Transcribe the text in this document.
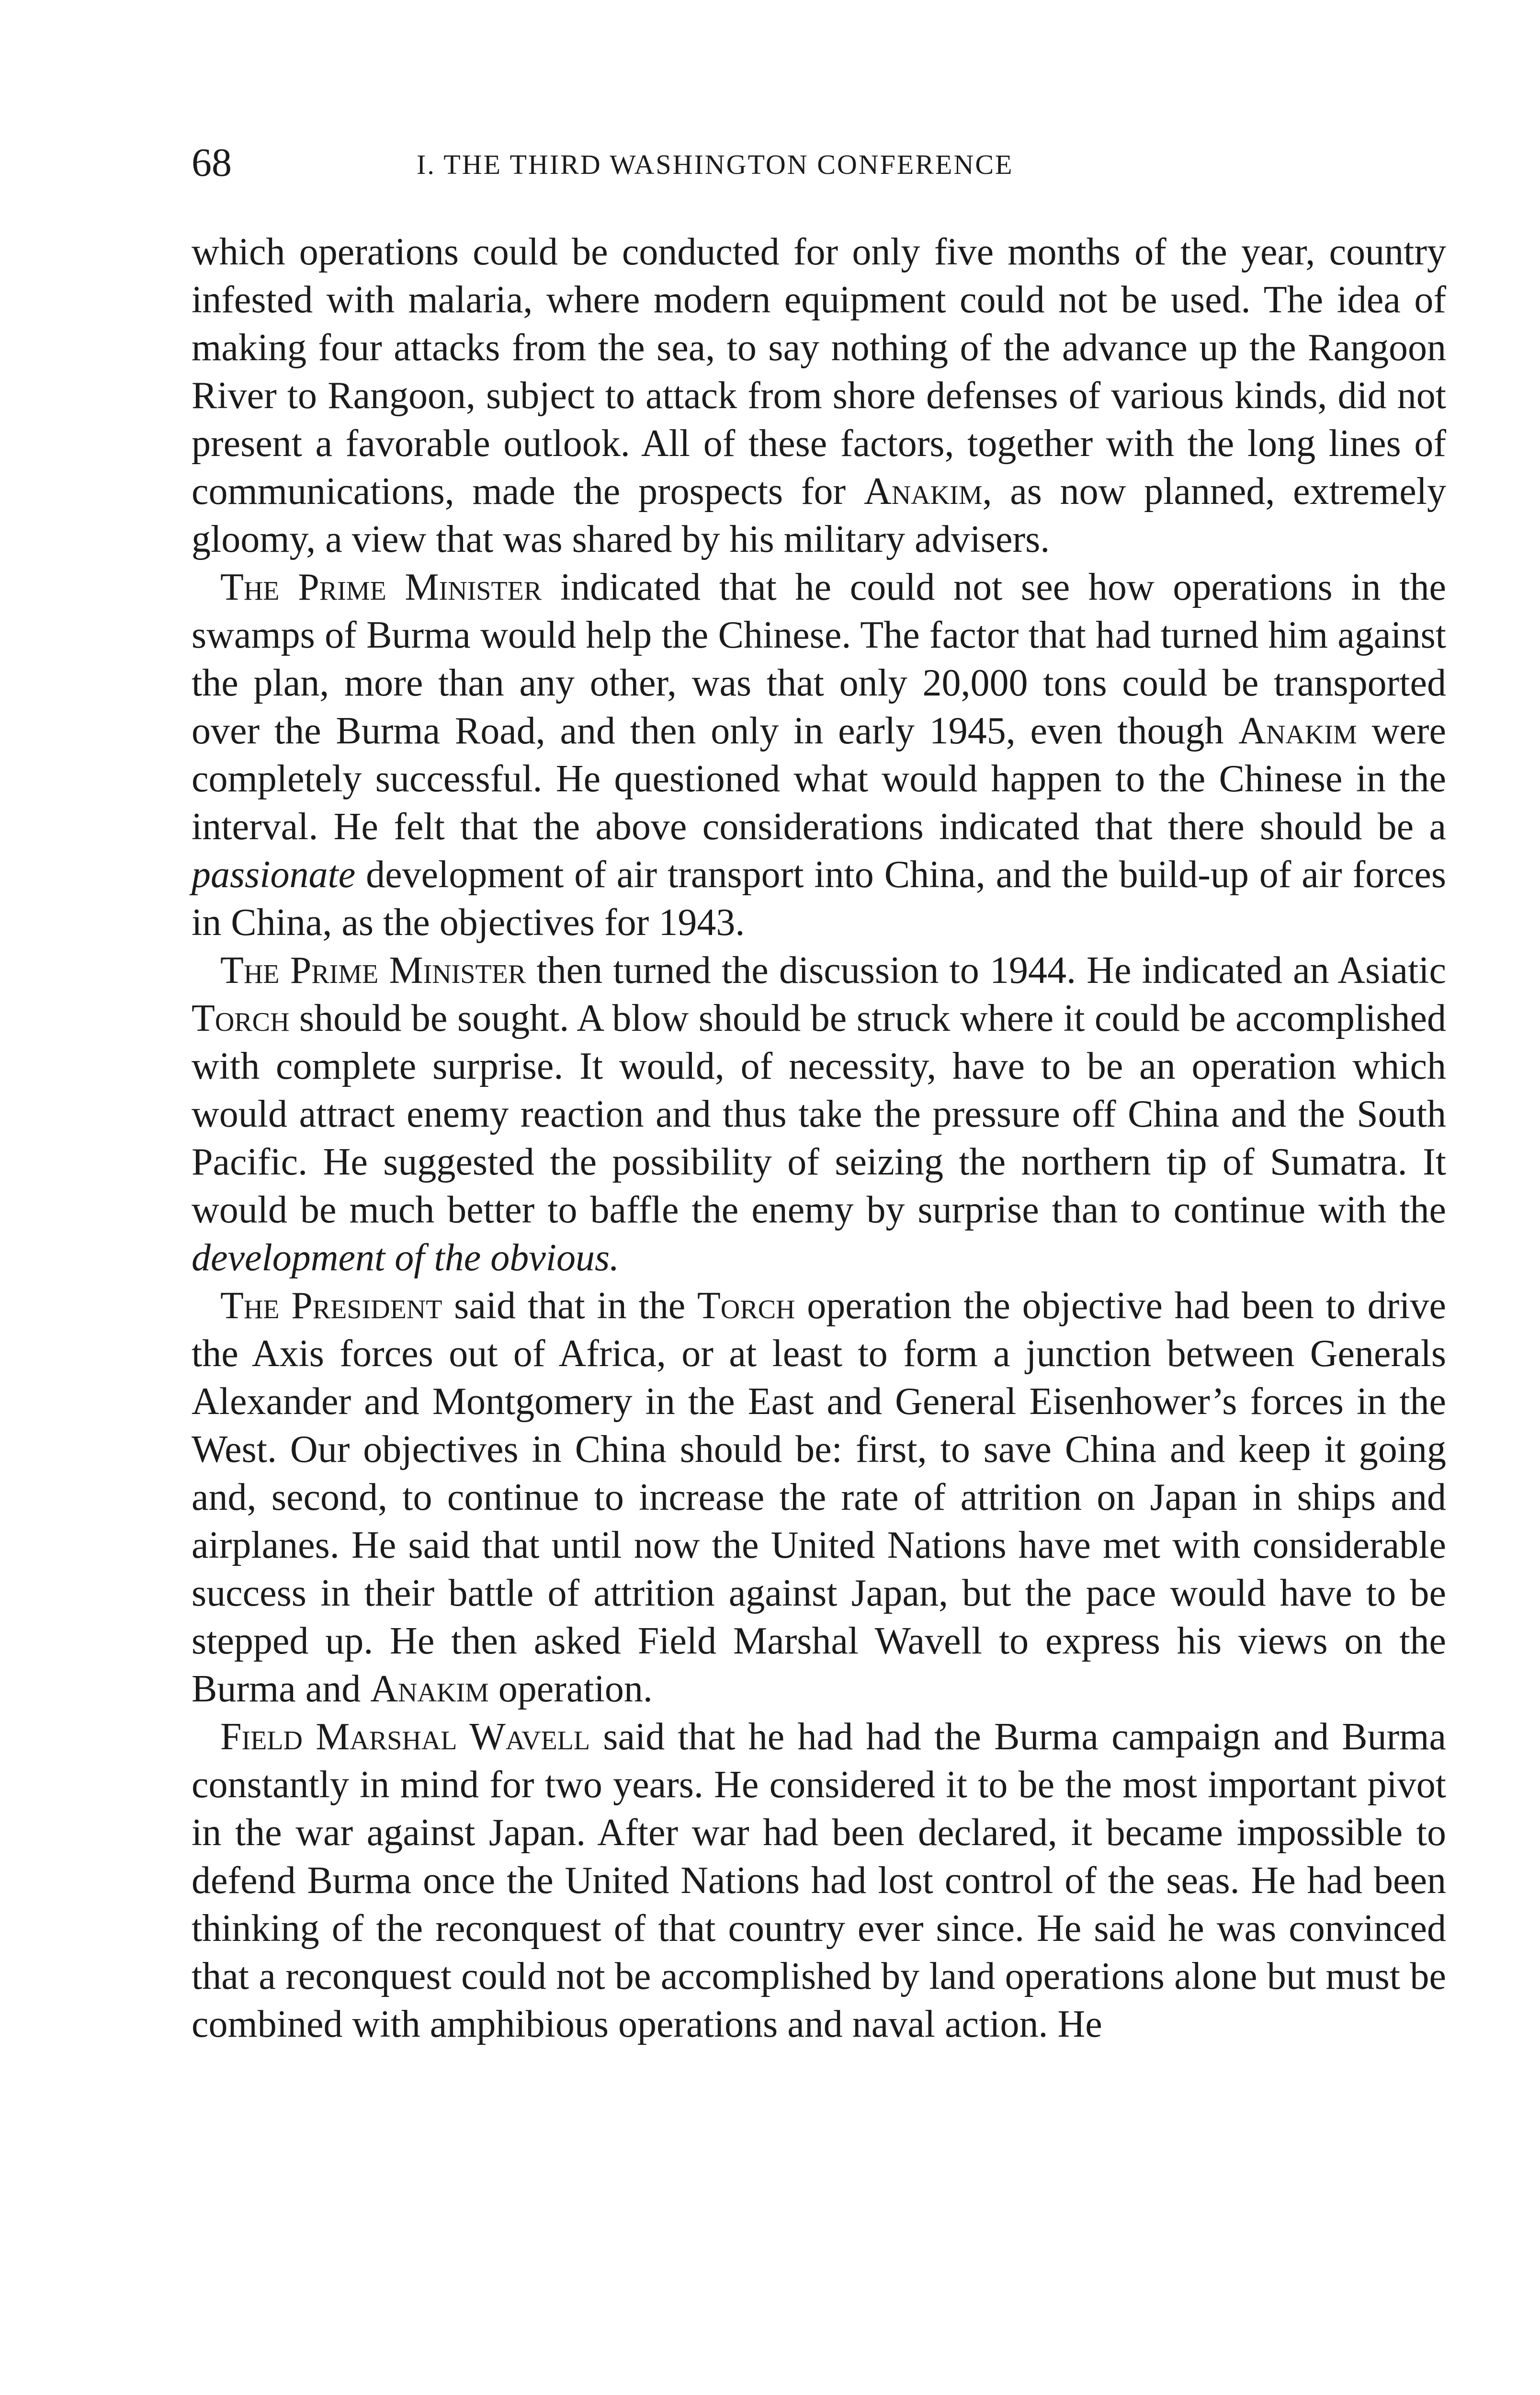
68	I. THE THIRD WASHINGTON CONFERENCE

which operations could be conducted for only five months of the year, country infested with malaria, where modern equipment could not be used. The idea of making four attacks from the sea, to say nothing of the advance up the Rangoon River to Rangoon, subject to attack from shore defenses of various kinds, did not present a favorable outlook. All of these factors, together with the long lines of communications, made the prospects for Anakim, as now planned, extremely gloomy, a view that was shared by his military advisers.

The Prime Minister indicated that he could not see how operations in the swamps of Burma would help the Chinese. The factor that had turned him against the plan, more than any other, was that only 20,000 tons could be transported over the Burma Road, and then only in early 1945, even though Anakim were completely successful. He questioned what would happen to the Chinese in the interval. He felt that the above considerations indicated that there should be a passionate development of air transport into China, and the build-up of air forces in China, as the objectives for 1943.

The Prime Minister then turned the discussion to 1944. He indicated an Asiatic Torch should be sought. A blow should be struck where it could be accomplished with complete surprise. It would, of necessity, have to be an operation which would attract enemy reaction and thus take the pressure off China and the South Pacific. He suggested the possibility of seizing the northern tip of Sumatra. It would be much better to baffle the enemy by surprise than to continue with the development of the obvious.

The President said that in the Torch operation the objective had been to drive the Axis forces out of Africa, or at least to form a junction between Generals Alexander and Montgomery in the East and General Eisenhower’s forces in the West. Our objectives in China should be: first, to save China and keep it going and, second, to continue to increase the rate of attrition on Japan in ships and airplanes. He said that until now the United Nations have met with considerable success in their battle of attrition against Japan, but the pace would have to be stepped up. He then asked Field Marshal Wavell to express his views on the Burma and Anakim operation.

Field Marshal Wavell said that he had had the Burma campaign and Burma constantly in mind for two years. He considered it to be the most important pivot in the war against Japan. After war had been declared, it became impossible to defend Burma once the United Nations had lost control of the seas. He had been thinking of the reconquest of that country ever since. He said he was convinced that a reconquest could not be accomplished by land operations alone but must be combined with amphibious operations and naval action. He
